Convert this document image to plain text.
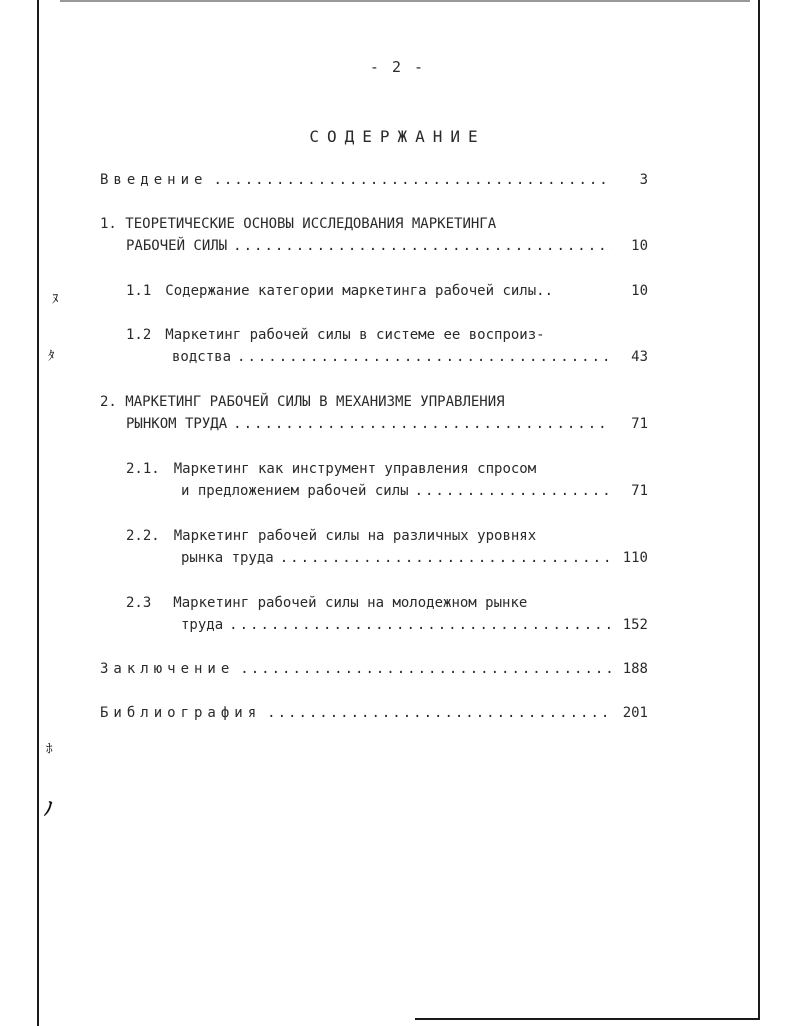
ﾇ
ﾀ
ﾎ
ﾉ
- 2 -
СОДЕРЖАНИЕ
Введение .....	3
1. ТЕОРЕТИЧЕСКИЕ ОСНОВЫ ИССЛЕДОВАНИЯ МАРКЕТИНГА
РАБОЧЕЙ СИЛЫ .....	10
1.1 Содержание категории маркетинга рабочей силы..	10
1.2 Маркетинг рабочей силы в системе ее воспроиз-
водства .....	43
2. МАРКЕТИНГ РАБОЧЕЙ СИЛЫ В МЕХАНИЗМЕ УПРАВЛЕНИЯ
РЫНКОМ ТРУДА .....	71
2.1. Маркетинг как инструмент управления спросом
и предложением рабочей силы .....	71
2.2. Маркетинг рабочей силы на различных уровнях
рынка труда .....	110
2.3 Маркетинг рабочей силы на молодежном рынке
труда .....	152
Заключение .....	188
Библиография .....	201
